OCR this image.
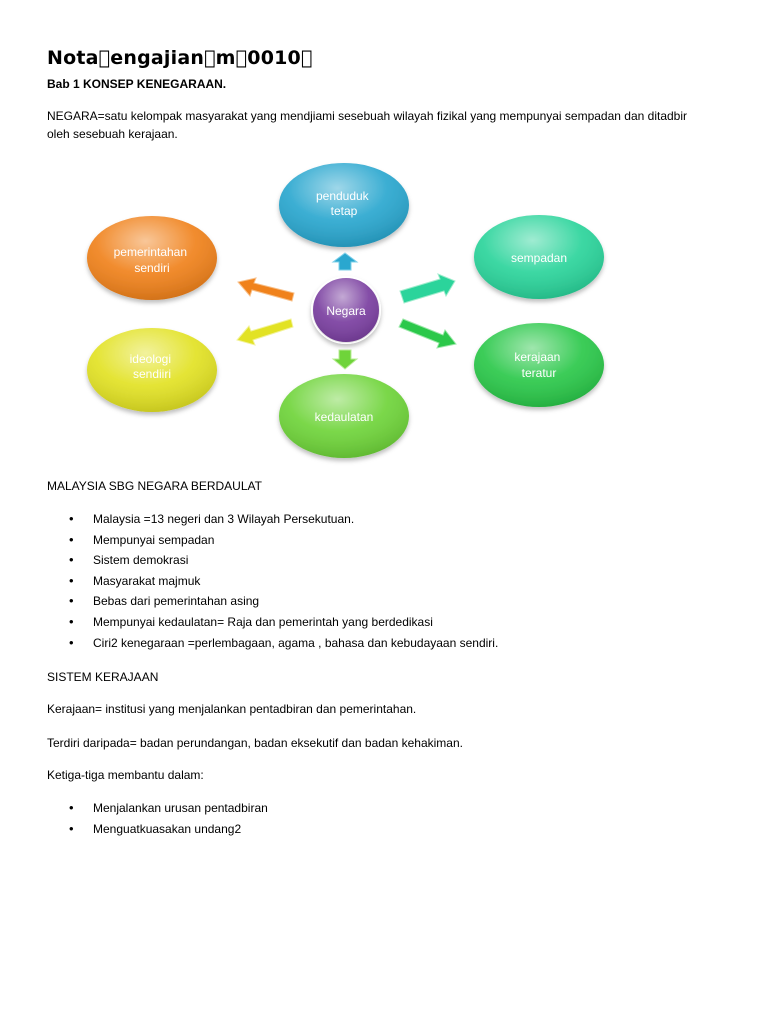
Nota engajian m 0010 
Bab 1 KONSEP KENEGARAAN.
NEGARA=satu kelompak masyarakat yang mendjiami sesebuah wilayah fizikal yang mempunyai sempadan dan ditadbir oleh sesebuah kerajaan.
penduduk tetap
sempadan
kerajaan teratur
kedaulatan
ideologi sendiiri
pemerintahan sendiri
Negara
MALAYSIA SBG NEGARA BERDAULAT
• Malaysia =13 negeri dan 3 Wilayah Persekutuan.
• Mempunyai sempadan
• Sistem demokrasi
• Masyarakat majmuk
• Bebas dari pemerintahan asing
• Mempunyai kedaulatan= Raja dan pemerintah yang berdedikasi
• Ciri2 kenegaraan =perlembagaan, agama , bahasa dan kebudayaan sendiri.
SISTEM KERAJAAN
Kerajaan= institusi yang menjalankan pentadbiran dan pemerintahan.
Terdiri daripada= badan perundangan, badan eksekutif dan badan kehakiman.
Ketiga-tiga membantu dalam:
• Menjalankan urusan pentadbiran
• Menguatkuasakan undang2
